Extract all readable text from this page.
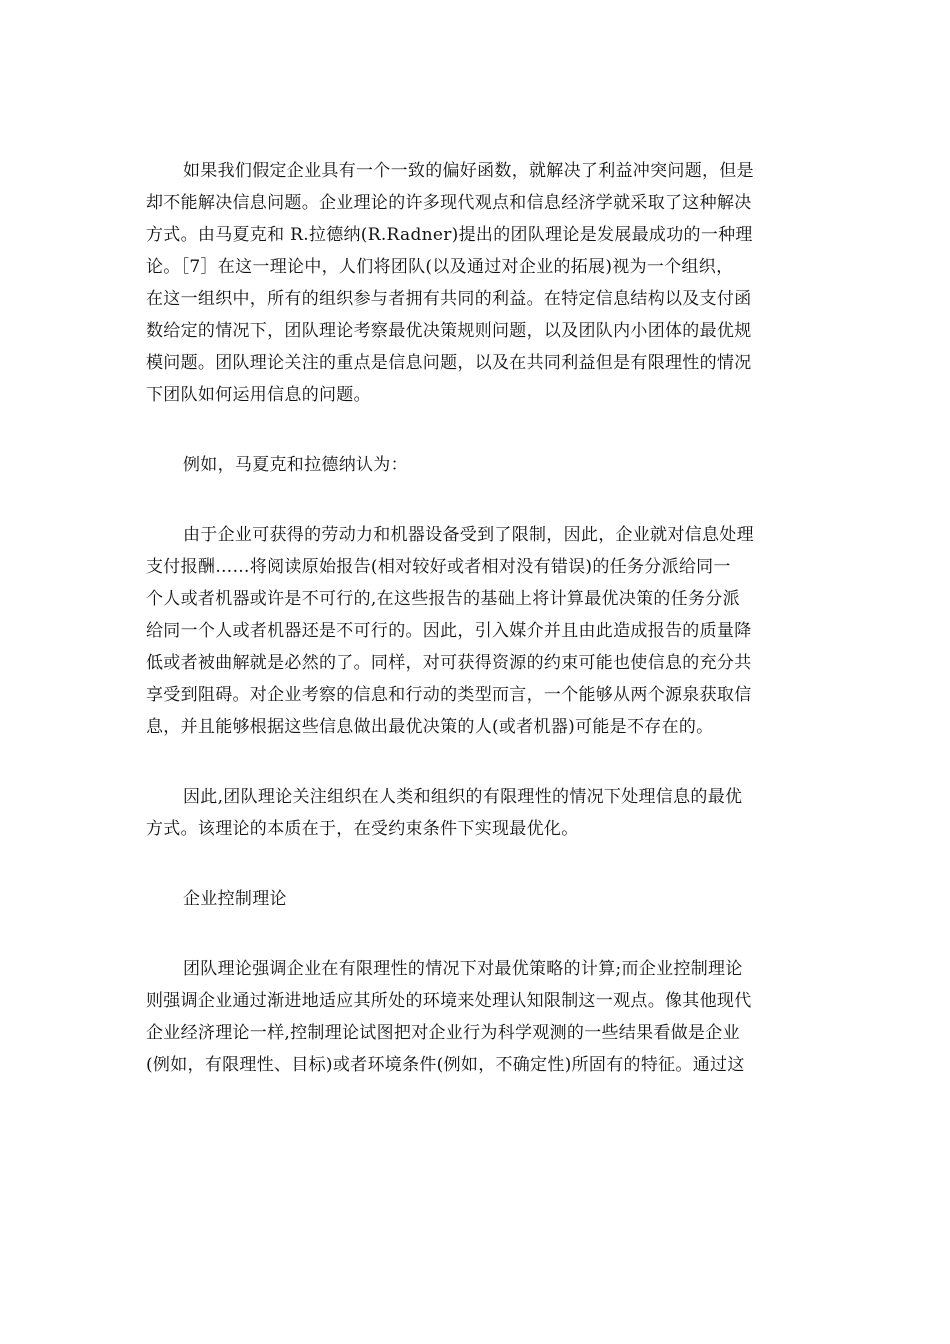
如果我们假定企业具有一个一致的偏好函数，就解决了利益冲突问题，但是
却不能解决信息问题。企业理论的许多现代观点和信息经济学就采取了这种解决
方式。由马夏克和 R.拉德纳(R.Radner)提出的团队理论是发展最成功的一种理
论。［7］在这一理论中，人们将团队(以及通过对企业的拓展)视为一个组织，
在这一组织中，所有的组织参与者拥有共同的利益。在特定信息结构以及支付函
数给定的情况下，团队理论考察最优决策规则问题，以及团队内小团体的最优规
模问题。团队理论关注的重点是信息问题，以及在共同利益但是有限理性的情况
下团队如何运用信息的问题。

例如，马夏克和拉德纳认为：

由于企业可获得的劳动力和机器设备受到了限制，因此，企业就对信息处理
支付报酬……将阅读原始报告(相对较好或者相对没有错误)的任务分派给同一
个人或者机器或许是不可行的,在这些报告的基础上将计算最优决策的任务分派
给同一个人或者机器还是不可行的。因此，引入媒介并且由此造成报告的质量降
低或者被曲解就是必然的了。同样，对可获得资源的约束可能也使信息的充分共
享受到阻碍。对企业考察的信息和行动的类型而言，一个能够从两个源泉获取信
息，并且能够根据这些信息做出最优决策的人(或者机器)可能是不存在的。

因此,团队理论关注组织在人类和组织的有限理性的情况下处理信息的最优
方式。该理论的本质在于，在受约束条件下实现最优化。

企业控制理论

团队理论强调企业在有限理性的情况下对最优策略的计算;而企业控制理论
则强调企业通过渐进地适应其所处的环境来处理认知限制这一观点。像其他现代
企业经济理论一样,控制理论试图把对企业行为科学观测的一些结果看做是企业
(例如，有限理性、目标)或者环境条件(例如，不确定性)所固有的特征。通过这
